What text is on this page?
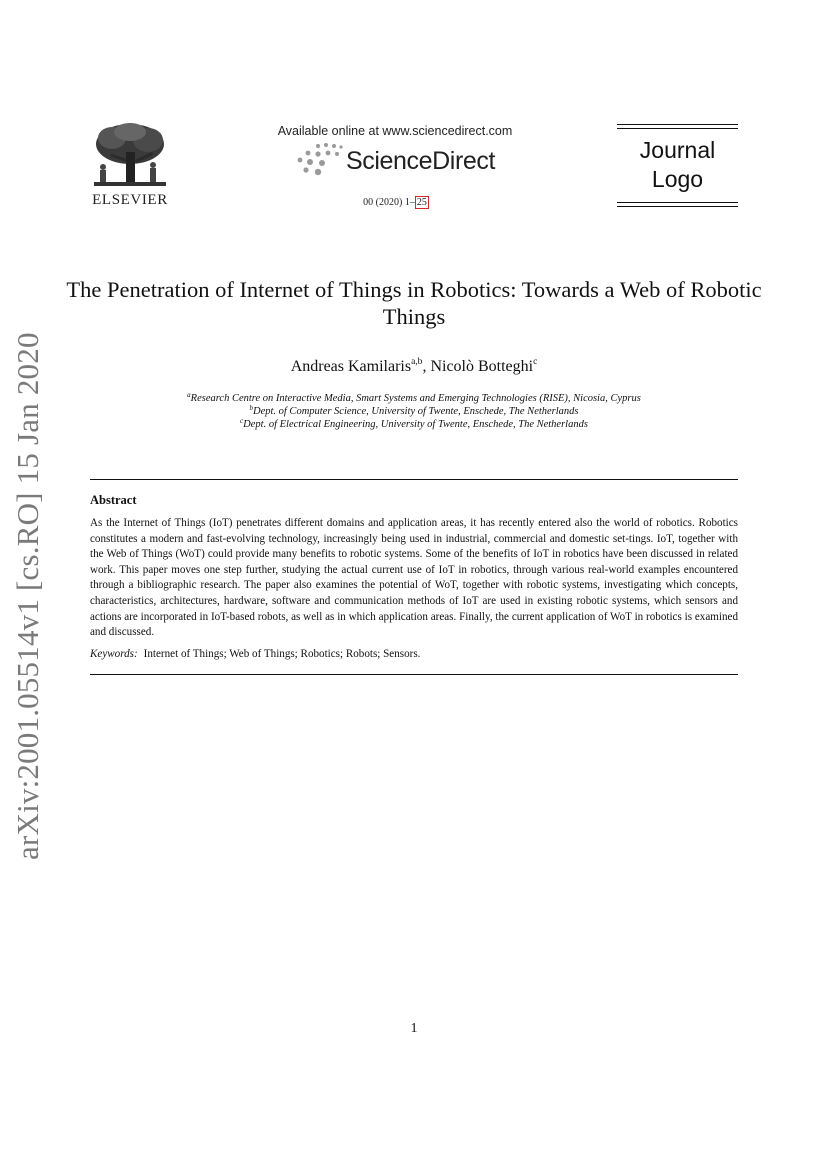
arXiv:2001.05514v1 [cs.RO] 15 Jan 2020
ELSEVIER
Available online at www.sciencedirect.com
ScienceDirect
00 (2020) 1– 25
Journal
Logo
The Penetration of Internet of Things in Robotics: Towards a Web of Robotic Things
Andreas Kamilaris$^{a,b}$, Nicolò Botteghi$^c$
$^a$Research Centre on Interactive Media, Smart Systems and Emerging Technologies (RISE), Nicosia, Cyprus
$^b$Dept. of Computer Science, University of Twente, Enschede, The Netherlands
$^c$Dept. of Electrical Engineering, University of Twente, Enschede, The Netherlands
Abstract
As the Internet of Things (IoT) penetrates different domains and application areas, it has recently entered also the world of robotics. Robotics constitutes a modern and fast-evolving technology, increasingly being used in industrial, commercial and domestic set-tings. IoT, together with the Web of Things (WoT) could provide many benefits to robotic systems. Some of the benefits of IoT in robotics have been discussed in related work. This paper moves one step further, studying the actual current use of IoT in robotics, through various real-world examples encountered through a bibliographic research. The paper also examines the potential of WoT, together with robotic systems, investigating which concepts, characteristics, architectures, hardware, software and communication methods of IoT are used in existing robotic systems, which sensors and actions are incorporated in IoT-based robots, as well as in which application areas. Finally, the current application of WoT in robotics is examined and discussed.
Keywords: Internet of Things; Web of Things; Robotics; Robots; Sensors.
1
